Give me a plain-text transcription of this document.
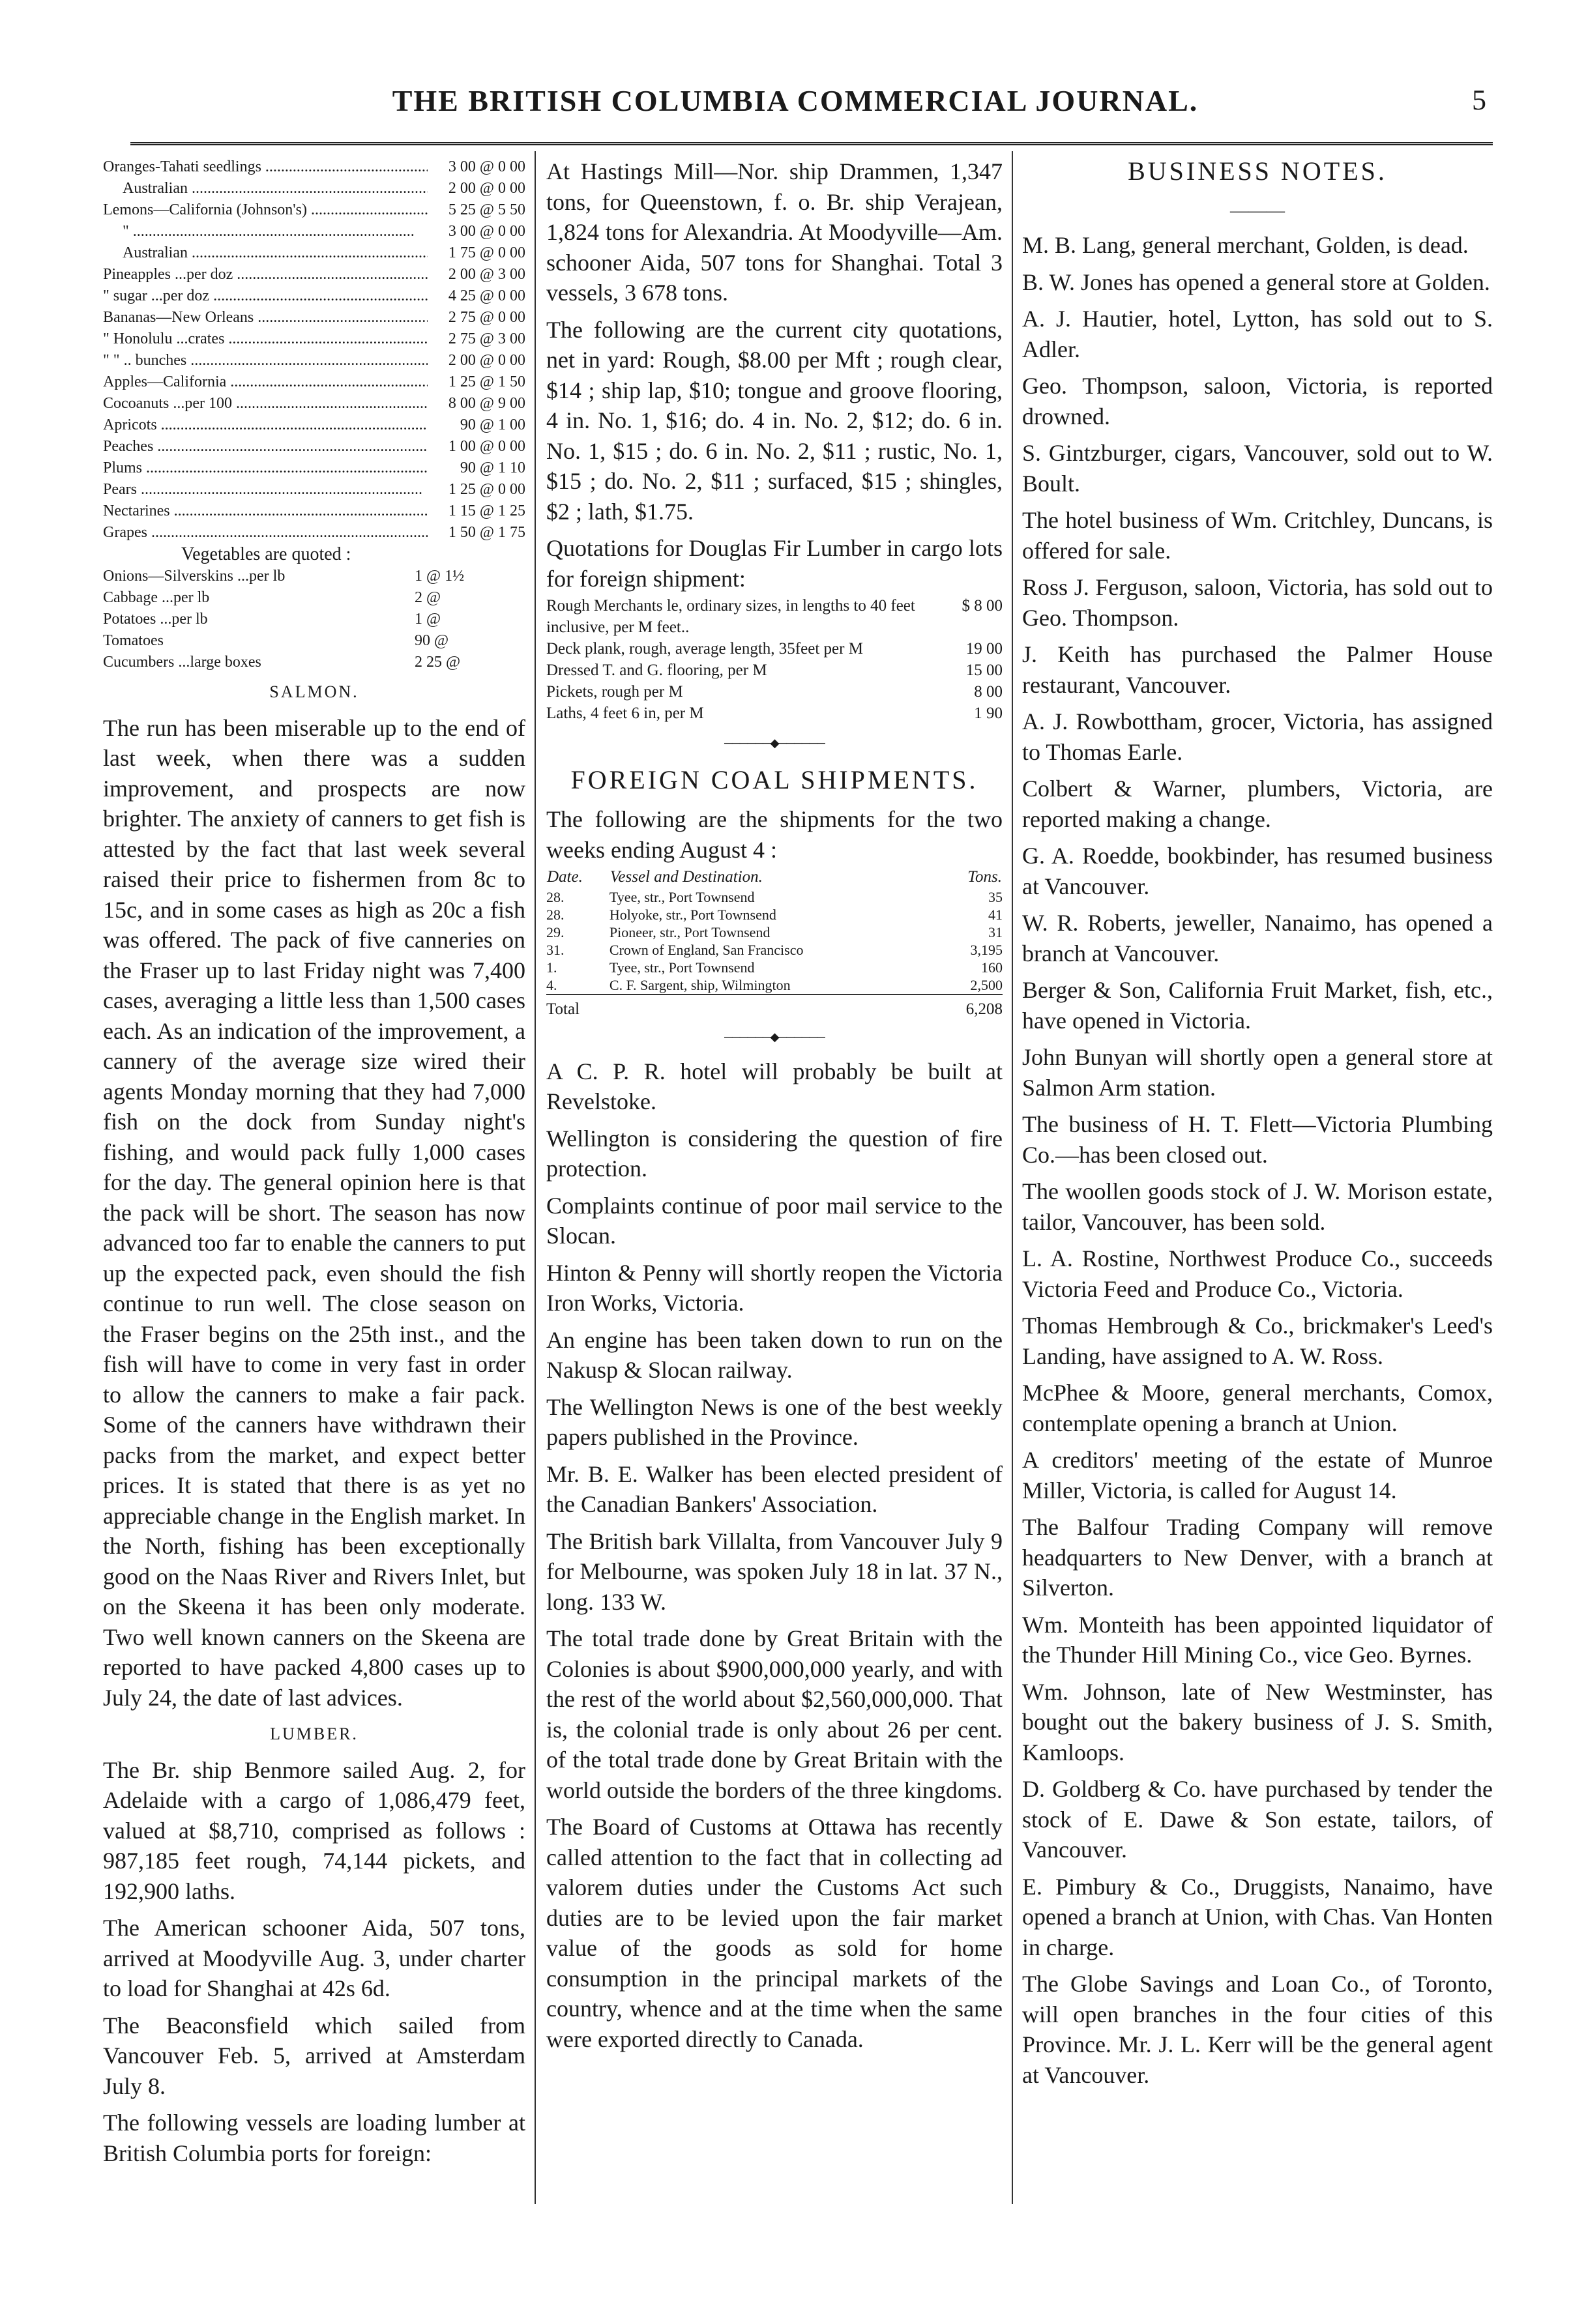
THE BRITISH COLUMBIA COMMERCIAL JOURNAL.	5
Oranges-Tahati seedlings .....	3 00 @ 0 00
Australian .....	2 00 @ 0 00
Lemons—California (Johnson's) .....	5 25 @ 5 50
" .....	3 00 @ 0 00
Australian .....	1 75 @ 0 00
Pineapples ...per doz .....	2 00 @ 3 00
" sugar ...per doz .....	4 25 @ 0 00
Bananas—New Orleans .....	2 75 @ 0 00
" Honolulu ...crates .....	2 75 @ 3 00
" " .. bunches .....	2 00 @ 0 00
Apples—California .....	1 25 @ 1 50
Cocoanuts ...per 100 .....	8 00 @ 9 00
Apricots .....	90 @ 1 00
Peaches .....	1 00 @ 0 00
Plums .....	90 @ 1 10
Pears .....	1 25 @ 0 00
Nectarines .....	1 15 @ 1 25
Grapes .....	1 50 @ 1 75
Vegetables are quoted :
Onions—Silverskins ...per lb	1 @ 1½
Cabbage ...per lb	2 @
Potatoes ...per lb	1 @
Tomatoes	90 @
Cucumbers ...large boxes	2 25 @
SALMON.

The run has been miserable up to the end of last week, when there was a sudden improvement, and prospects are now brighter. The anxiety of canners to get fish is attested by the fact that last week several raised their price to fishermen from 8c to 15c, and in some cases as high as 20c a fish was offered. The pack of five canneries on the Fraser up to last Friday night was 7,400 cases, averaging a little less than 1,500 cases each. As an indication of the improvement, a cannery of the average size wired their agents Monday morning that they had 7,000 fish on the dock from Sunday night's fishing, and would pack fully 1,000 cases for the day. The general opinion here is that the pack will be short. The season has now advanced too far to enable the canners to put up the expected pack, even should the fish continue to run well. The close season on the Fraser begins on the 25th inst., and the fish will have to come in very fast in order to allow the canners to make a fair pack. Some of the canners have withdrawn their packs from the market, and expect better prices. It is stated that there is as yet no appreciable change in the English market. In the North, fishing has been exceptionally good on the Naas River and Rivers Inlet, but on the Skeena it has been only moderate. Two well known canners on the Skeena are reported to have packed 4,800 cases up to July 24, the date of last advices.

LUMBER.

The Br. ship Benmore sailed Aug. 2, for Adelaide with a cargo of 1,086,479 feet, valued at $8,710, comprised as follows : 987,185 feet rough, 74,144 pickets, and 192,900 laths.

The American schooner Aida, 507 tons, arrived at Moodyville Aug. 3, under charter to load for Shanghai at 42s 6d.

The Beaconsfield which sailed from Vancouver Feb. 5, arrived at Amsterdam July 8.

The following vessels are loading lumber at British Columbia ports for foreign:

At Hastings Mill—Nor. ship Drammen, 1,347 tons, for Queenstown, f. o. Br. ship Verajean, 1,824 tons for Alexandria. At Moodyville—Am. schooner Aida, 507 tons for Shanghai. Total 3 vessels, 3 678 tons.

The following are the current city quotations, net in yard: Rough, $8.00 per Mft ; rough clear, $14 ; ship lap, $10; tongue and groove flooring, 4 in. No. 1, $16; do. 4 in. No. 2, $12; do. 6 in. No. 1, $15 ; do. 6 in. No. 2, $11 ; rustic, No. 1, $15 ; do. No. 2, $11 ; surfaced, $15 ; shingles, $2 ; lath, $1.75.

Quotations for Douglas Fir Lumber in cargo lots for foreign shipment:

Rough Merchants le, ordinary sizes, in lengths to 40 feet inclusive, per M feet..
$ 8 00
Deck plank, rough, average length, 35feet per M	19 00
Dressed T. and G. flooring, per M	15 00
Pickets, rough per M	8 00
Laths, 4 feet 6 in, per M	1 90
──────◆──────
FOREIGN COAL SHIPMENTS.

The following are the shipments for the two weeks ending August 4 :

Date.	Vessel and Destination.	Tons.
28.	Tyee, str., Port Townsend	35
28.	Holyoke, str., Port Townsend	41
29.	Pioneer, str., Port Townsend	31
31.	Crown of England, San Francisco	3,195
1.	Tyee, str., Port Townsend	160
4.	C. F. Sargent, ship, Wilmington	2,500
Total		6,208
──────◆──────

A C. P. R. hotel will probably be built at Revelstoke.

Wellington is considering the question of fire protection.

Complaints continue of poor mail service to the Slocan.

Hinton & Penny will shortly reopen the Victoria Iron Works, Victoria.

An engine has been taken down to run on the Nakusp & Slocan railway.

The Wellington News is one of the best weekly papers published in the Province.

Mr. B. E. Walker has been elected president of the Canadian Bankers' Association.

The British bark Villalta, from Vancouver July 9 for Melbourne, was spoken July 18 in lat. 37 N., long. 133 W.

The total trade done by Great Britain with the Colonies is about $900,000,000 yearly, and with the rest of the world about $2,560,000,000. That is, the colonial trade is only about 26 per cent. of the total trade done by Great Britain with the world outside the borders of the three kingdoms.

The Board of Customs at Ottawa has recently called attention to the fact that in collecting ad valorem duties under the Customs Act such duties are to be levied upon the fair market value of the goods as sold for home consumption in the principal markets of the country, whence and at the time when the same were exported directly to Canada.

BUSINESS NOTES.
———

M. B. Lang, general merchant, Golden, is dead.

B. W. Jones has opened a general store at Golden.

A. J. Hautier, hotel, Lytton, has sold out to S. Adler.

Geo. Thompson, saloon, Victoria, is reported drowned.

S. Gintzburger, cigars, Vancouver, sold out to W. Boult.

The hotel business of Wm. Critchley, Duncans, is offered for sale.

Ross J. Ferguson, saloon, Victoria, has sold out to Geo. Thompson.

J. Keith has purchased the Palmer House restaurant, Vancouver.

A. J. Rowbottham, grocer, Victoria, has assigned to Thomas Earle.

Colbert & Warner, plumbers, Victoria, are reported making a change.

G. A. Roedde, bookbinder, has resumed business at Vancouver.

W. R. Roberts, jeweller, Nanaimo, has opened a branch at Vancouver.

Berger & Son, California Fruit Market, fish, etc., have opened in Victoria.

John Bunyan will shortly open a general store at Salmon Arm station.

The business of H. T. Flett—Victoria Plumbing Co.—has been closed out.

The woollen goods stock of J. W. Morison estate, tailor, Vancouver, has been sold.

L. A. Rostine, Northwest Produce Co., succeeds Victoria Feed and Produce Co., Victoria.

Thomas Hembrough & Co., brickmaker's Leed's Landing, have assigned to A. W. Ross.

McPhee & Moore, general merchants, Comox, contemplate opening a branch at Union.

A creditors' meeting of the estate of Munroe Miller, Victoria, is called for August 14.

The Balfour Trading Company will remove headquarters to New Denver, with a branch at Silverton.

Wm. Monteith has been appointed liquidator of the Thunder Hill Mining Co., vice Geo. Byrnes.

Wm. Johnson, late of New Westminster, has bought out the bakery business of J. S. Smith, Kamloops.

D. Goldberg & Co. have purchased by tender the stock of E. Dawe & Son estate, tailors, of Vancouver.

E. Pimbury & Co., Druggists, Nanaimo, have opened a branch at Union, with Chas. Van Honten in charge.

The Globe Savings and Loan Co., of Toronto, will open branches in the four cities of this Province. Mr. J. L. Kerr will be the general agent at Vancouver.
